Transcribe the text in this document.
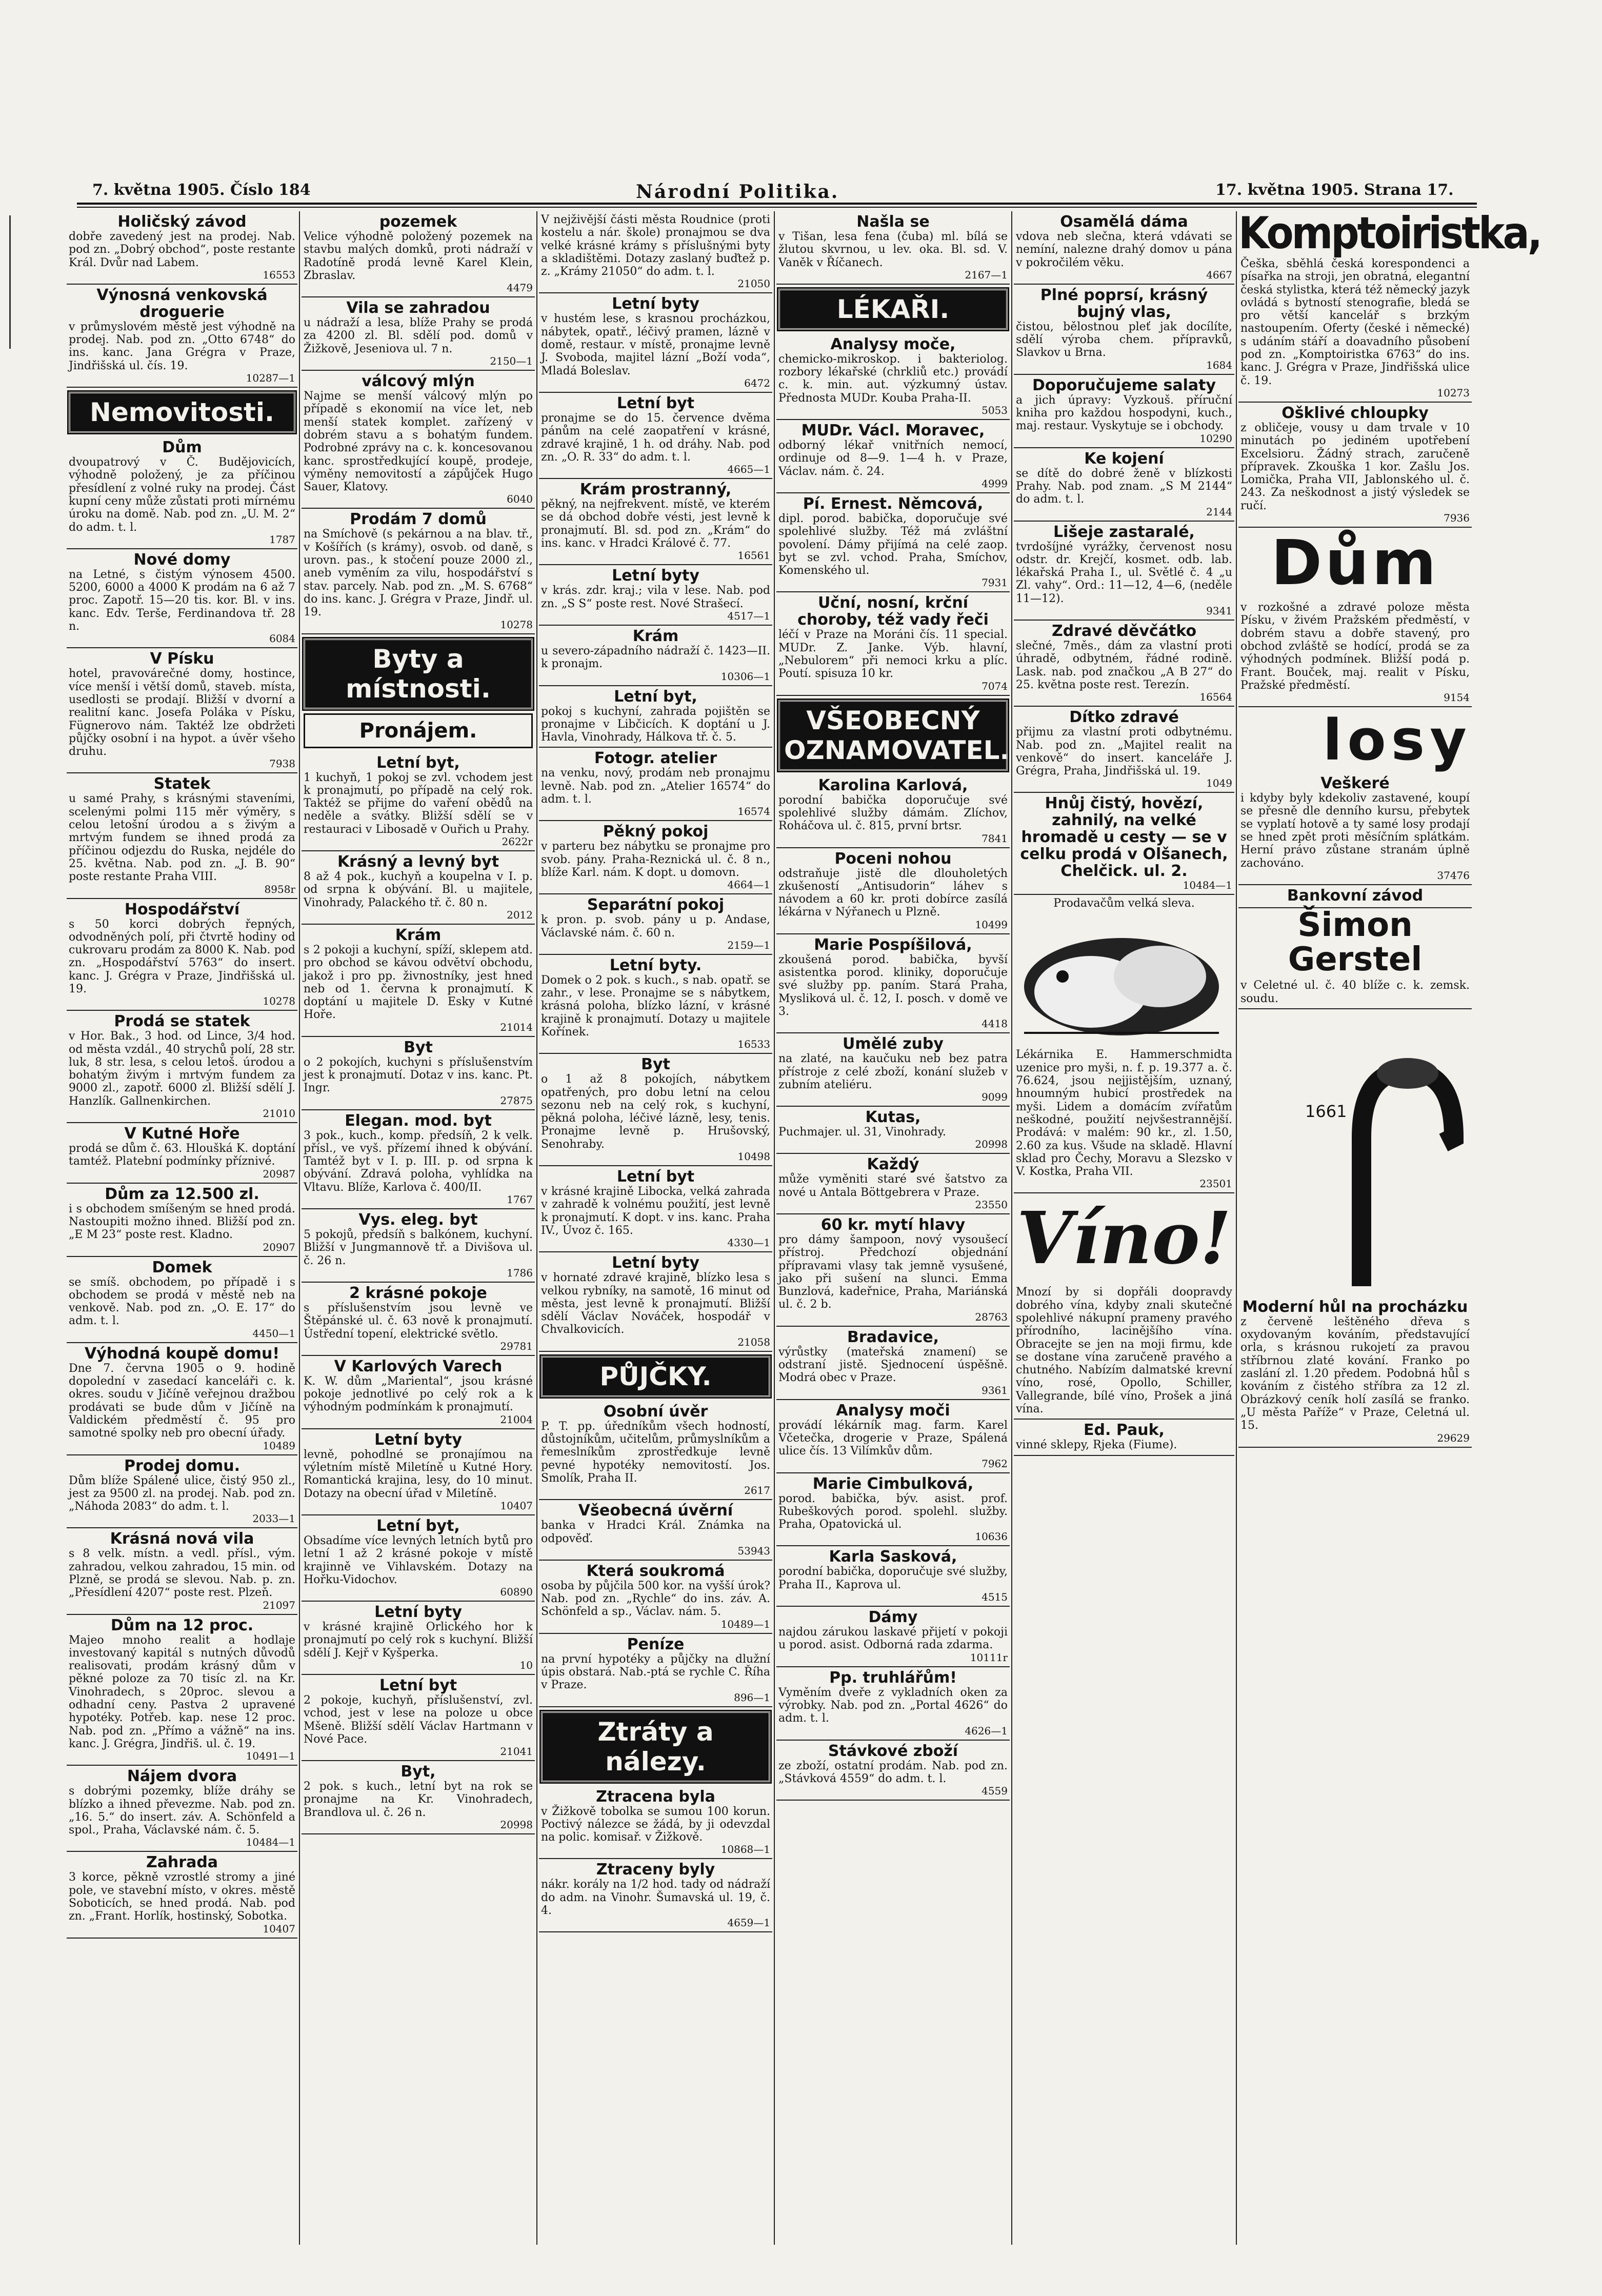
7. května 1905. Číslo 184	Národní Politika.	17. května 1905. Strana 17.
Holičský závod

dobře zavedený jest na prodej. Nab. pod zn. „Dobrý obchod“, poste restante Král. Dvůr nad Labem.

16553
Výnosná venkovská droguerie

v průmyslovém městě jest výhodně na prodej. Nab. pod zn. „Otto 6748“ do ins. kanc. Jana Grégra v Praze, Jindřišská ul. čís. 19.

10287—1
Nemovitosti.
Dům

dvoupatrový v Č. Budějovicích, výhodně položený, je za příčinou přesídlení z volné ruky na prodej. Část kupní ceny může zůstati proti mírnému úroku na domě. Nab. pod zn. „U. M. 2“ do adm. t. l.

1787
Nové domy

na Letné, s čistým výnosem 4500. 5200, 6000 a 4000 K prodám na 6 až 7 proc. Zapotř. 15—20 tis. kor. Bl. v ins. kanc. Edv. Terše, Ferdinandova tř. 28 n.

6084
V Písku

hotel, pravovárečné domy, hostince, více menší i větší domů, staveb. místa, usedlosti se prodají. Bližší v dvorní a realitní kanc. Josefa Poláka v Písku, Fügnerovo nám. Taktéž lze obdržeti půjčky osobní i na hypot. a úvěr všeho druhu.

7938
Statek

u samé Prahy, s krásnými staveními, scelenými polmi 115 měr výměry, s celou letošní úrodou a s živým a mrtvým fundem se ihned prodá za příčinou odjezdu do Ruska, nejdéle do 25. května. Nab. pod zn. „J. B. 90“ poste restante Praha VIII.

8958r
Hospodářství

s 50 korci dobrých řepných, odvodněných polí, při čtvrtě hodiny od cukrovaru prodám za 8000 K. Nab. pod zn. „Hospodářství 5763“ do insert. kanc. J. Grégra v Praze, Jindřišská ul. 19.

10278
Prodá se statek

v Hor. Bak., 3 hod. od Lince, 3/4 hod. od města vzdál., 40 strychů polí, 28 str. luk, 8 str. lesa, s celou letoš. úrodou a bohatým živým i mrtvým fundem za 9000 zl., zapotř. 6000 zl. Bližší sdělí J. Hanzlík. Gallnenkirchen.

21010
V Kutné Hoře

prodá se dům č. 63. Hloušká K. doptání tamtéž. Platební podmínky příznivé.

20987
Dům za 12.500 zl.

i s obchodem smíšeným se hned prodá. Nastoupiti možno ihned. Bližší pod zn. „E M 23“ poste rest. Kladno.

20907
Domek

se smíš. obchodem, po případě i s obchodem se prodá v městě neb na venkově. Nab. pod zn. „O. E. 17“ do adm. t. l.

4450—1
Výhodná koupě domu!

Dne 7. června 1905 o 9. hodině dopolední v zasedací kanceláři c. k. okres. soudu v Jičíně veřejnou dražbou prodávati se bude dům v Jičíně na Valdickém předměstí č. 95 pro samotné spolky neb pro obecní úřady.

10489
Prodej domu.

Dům blíže Spálené ulice, čistý 950 zl., jest za 9500 zl. na prodej. Nab. pod zn. „Náhoda 2083“ do adm. t. l.

2033—1
Krásná nová vila

s 8 velk. místn. a vedl. přísl., vým. zahradou, velkou zahradou, 15 min. od Plzně, se prodá se slevou. Nab. p. zn. „Přesídlení 4207“ poste rest. Plzeň.

21097
Dům na 12 proc.

Majeo mnoho realit a hodlaje investovaný kapitál s nutných důvodů realisovati, prodám krásný dům v pěkné poloze za 70 tisíc zl. na Kr. Vinohradech, s 20proc. slevou a odhadní ceny. Pastva 2 upravené hypotéky. Potřeb. kap. nese 12 proc. Nab. pod zn. „Přímo a vážně“ na ins. kanc. J. Grégra, Jindřiš. ul. č. 19.

10491—1
Nájem dvora

s dobrými pozemky, blíže dráhy se blízko a ihned převezme. Nab. pod zn. „16. 5.“ do insert. záv. A. Schönfeld a spol., Praha, Václavské nám. č. 5.

10484—1
Zahrada

3 korce, pěkně vzrostlé stromy a jiné pole, ve stavební místo, v okres. městě Soboticích, se hned prodá. Nab. pod zn. „Frant. Horlík, hostinský, Sobotka.

10407
pozemek

Velice výhodně položený pozemek na stavbu malých domků, proti nádraží v Radotíně prodá levně Karel Klein, Zbraslav.

4479
Vila se zahradou

u nádraží a lesa, blíže Prahy se prodá za 4200 zl. Bl. sdělí pod. domů v Žižkově, Jeseniova ul. 7 n.

2150—1
válcový mlýn

Najme se menší válcový mlýn po případě s ekonomií na více let, neb menší statek komplet. zařízený v dobrém stavu a s bohatým fundem. Podrobné zprávy na c. k. koncesovanou kanc. sprostředkující koupě, prodeje, výměny nemovitostí a zápůjček Hugo Sauer, Klatovy.

6040
Prodám 7 domů

na Smíchově (s pekárnou a na blav. tř., v Košířích (s krámy), osvob. od daně, s urovn. pas., k stočení pouze 2000 zl., aneb vyměním za vilu, hospodářství s stav. parcely. Nab. pod zn. „M. S. 6768“ do ins. kanc. J. Grégra v Praze, Jindř. ul. 19.

10278
Byty a místnosti.
Pronájem.
Letní byt,

1 kuchyň, 1 pokoj se zvl. vchodem jest k pronajmutí, po případě na celý rok. Taktéž se přijme do vaření obědů na neděle a svátky. Bližší sdělí se v restauraci v Libosadě v Ouřich u Prahy.

2622r
Krásný a levný byt

8 až 4 pok., kuchyň a koupelna v I. p. od srpna k obývání. Bl. u majitele, Vinohrady, Palackého tř. č. 80 n.

2012
Krám

s 2 pokoji a kuchyní, spíží, sklepem atd. pro obchod se kávou odvětví obchodu, jakož i pro pp. živnostníky, jest hned neb od 1. června k pronajmutí. K doptání u majitele D. Esky v Kutné Hoře.

21014
Byt

o 2 pokojích, kuchyni s příslušenstvím jest k pronajmutí. Dotaz v ins. kanc. Pt. Ingr.

27875
Elegan. mod. byt

3 pok., kuch., komp. předsíň, 2 k velk. přísl., ve vyš. přízemí ihned k obývání. Tamtéž byt v I. p. III. p. od srpna k obývání. Zdravá poloha, vyhlídka na Vltavu. Blíže, Karlova č. 400/II.

1767
Vys. eleg. byt

5 pokojů, předsíň s balkónem, kuchyní. Bližší v Jungmannově tř. a Divišova ul. č. 26 n.

1786
2 krásné pokoje

s příslušenstvím jsou levně ve Štěpánské ul. č. 63 nově k pronajmutí. Ústřední topení, elektrické světlo.

29781
V Karlových Varech

K. W. dům „Mariental“, jsou krásné pokoje jednotlivé po celý rok a k výhodným podmínkám k pronajmutí.

21004
Letní byty

levně, pohodlné se pronajímou na výletním místě Miletíně u Kutné Hory. Romantická krajina, lesy, do 10 minut. Dotazy na obecní úřad v Miletíně.

10407
Letní byt,

Obsadíme více levných letních bytů pro letní 1 až 2 krásné pokoje v místě krajinně ve Vihlavském. Dotazy na Hořku-Vidochov.

60890
Letní byty

v krásné krajině Orlického hor k pronajmutí po celý rok s kuchyní. Bližší sdělí J. Kejř v Kyšperka.

10
Letní byt

2 pokoje, kuchyň, příslušenství, zvl. vchod, jest v lese na poloze u obce Mšeně. Bližší sdělí Václav Hartmann v Nové Pace.

21041
Byt,

2 pok. s kuch., letní byt na rok se pronajme na Kr. Vinohradech, Brandlova ul. č. 26 n.

20998

V nejživější části města Roudnice (proti kostelu a nár. škole) pronajmou se dva velké krásné krámy s příslušnými byty a skladištěmi. Dotazy zaslaný buďtež p. z. „Krámy 21050“ do adm. t. l.

21050
Letní byty

v hustém lese, s krasnou procházkou, nábytek, opatř., léčivý pramen, lázně v domě, restaur. v místě, pronajme levně J. Svoboda, majitel lázní „Boží voda“, Mladá Boleslav.

6472
Letní byt

pronajme se do 15. července dvěma pánům na celé zaopatření v krásné, zdravé krajině, 1 h. od dráhy. Nab. pod zn. „O. R. 33“ do adm. t. l.

4665—1
Krám prostranný,

pěkný, na nejfrekvent. místě, ve kterém se dá obchod dobře vésti, jest levně k pronajmutí. Bl. sd. pod zn. „Krám“ do ins. kanc. v Hradci Králové č. 77.

16561
Letní byty

v krás. zdr. kraj.; vila v lese. Nab. pod zn. „S S“ poste rest. Nové Strašecí.

4517—1
Krám

u severo-západního nádraží č. 1423—II. k pronajm.

10306—1
Letní byt,

pokoj s kuchyní, zahrada pojištěn se pronajme v Libčicích. K doptání u J. Havla, Vinohrady, Hálkova tř. č. 5.

Fotogr. atelier

na venku, nový, prodám neb pronajmu levně. Nab. pod zn. „Atelier 16574“ do adm. t. l.

16574
Pěkný pokoj

v parteru bez nábytku se pronajme pro svob. pány. Praha-Reznická ul. č. 8 n., blíže Karl. nám. K dopt. u domovn.

4664—1
Separátní pokoj

k pron. p. svob. pány u p. Andase, Václavské nám. č. 60 n.

2159—1
Letní byty.

Domek o 2 pok. s kuch., s nab. opatř. se zahr., v lese. Pronajme se s nábytkem, krásná poloha, blízko lázní, v krásné krajině k pronajmutí. Dotazy u majitele Kořínek.

16533
Byt

o 1 až 8 pokojích, nábytkem opatřených, pro dobu letní na celou sezonu neb na celý rok, s kuchyní, pěkná poloha, léčivé lázně, lesy, tenis. Pronajme levně p. Hrušovský, Senohraby.

10498
Letní byt

v krásné krajině Libocka, velká zahrada v zahradě k volnému použití, jest levně k pronajmutí. K dopt. v ins. kanc. Praha IV., Úvoz č. 165.

4330—1
Letní byty

v hornaté zdravé krajině, blízko lesa s velkou rybníky, na samotě, 16 minut od města, jest levně k pronajmutí. Bližší sdělí Václav Nováček, hospodář v Chvalkovicích.

21058
PŮJČKY.
Osobní úvěr

P. T. pp. úředníkům všech hodností, důstojníkům, učitelům, průmyslníkům a řemeslníkům zprostředkuje levně pevné hypotéky nemovitostí. Jos. Smolík, Praha II.

2617
Všeobecná úvěrní

banka v Hradci Král. Známka na odpověď.

53943
Která soukromá

osoba by půjčila 500 kor. na vyšší úrok? Nab. pod zn. „Rychle“ do ins. záv. A. Schönfeld a sp., Václav. nám. 5.

10489—1
Peníze

na první hypotéky a půjčky na dlužní úpis obstará. Nab.-ptá se rychle C. Říha v Praze.

896—1
Ztráty a nálezy.
Ztracena byla

v Žižkově tobolka se sumou 100 korun. Poctivý nálezce se žádá, by ji odevzdal na polic. komisař. v Žižkově.

10868—1
Ztraceny byly

nákr. korály na 1/2 hod. tady od nádraží do adm. na Vinohr. Šumavská ul. 19, č. 4.

4659—1
Našla se

v Tišan, lesa fena (čuba) ml. bílá se žlutou skvrnou, u lev. oka. Bl. sd. V. Vaněk v Říčanech.

2167—1
LÉKAŘI.
Analysy moče,

chemicko-mikroskop. i bakteriolog. rozbory lékařské (chrkliů etc.) provádí c. k. min. aut. výzkumný ústav. Přednosta MUDr. Kouba Praha-II.

5053
MUDr. Václ. Moravec,

odborný lékař vnitřních nemocí, ordinuje od 8—9. 1—4 h. v Praze, Václav. nám. č. 24.

4999
Pí. Ernest. Němcová,

dipl. porod. babička, doporučuje své spolehlivé služby. Též má zvláštní povolení. Dámy přijímá na celé zaop. byt se zvl. vchod. Praha, Smíchov, Komenského ul.

7931
Uční, nosní, krční choroby, též vady řeči

léčí v Praze na Moráni čís. 11 special. MUDr. Z. Janke. Výb. hlavní, „Nebulorem“ při nemoci krku a plíc. Poutí. spisuza 10 kr.

7074
VŠEOBECNÝ OZNAMOVATEL.
Karolina Karlová,

porodní babička doporučuje své spolehlivé služby dámám. Zlíchov, Roháčova ul. č. 815, první brtsr.

7841
Poceni nohou

odstraňuje jistě dle dlouholetých zkušeností „Antisudorin“ láhev s návodem a 60 kr. proti dobírce zasílá lékárna v Nýřanech u Plzně.

10499
Marie Pospíšilová,

zkoušená porod. babička, byvší asistentka porod. kliniky, doporučuje své služby pp. paním. Stará Praha, Mysliková ul. č. 12, I. posch. v domě ve 3.

4418
Umělé zuby

na zlaté, na kaučuku neb bez patra přístroje z celé zboží, konání služeb v zubním ateliéru.

9099
Kutas,

Puchmajer. ul. 31, Vinohrady.

20998
Každý

může vyměniti staré své šatstvo za nové u Antala Böttgebrera v Praze.

23550
60 kr. mytí hlavy

pro dámy šampoon, nový vysoušecí přístroj. Předchozí objednání přípravami vlasy tak jemně vysušené, jako při sušení na slunci. Emma Bunzlová, kadeřnice, Praha, Mariánská ul. č. 2 b.

28763
Bradavice,

výrůstky (mateřská znamení) se odstraní jistě. Sjednocení úspěšně. Modrá obec v Praze.

9361
Analysy moči

provádí lékárník mag. farm. Karel Včetečka, drogerie v Praze, Spálená ulice čís. 13 Vilímkův dům.

7962
Marie Cimbulková,

porod. babička, býv. asist. prof. Rubeškových porod. spolehl. služby. Praha, Opatovická ul.

10636
Karla Sasková,

porodní babička, doporučuje své služby, Praha II., Kaprova ul.

4515
Dámy

najdou zárukou laskavé přijetí v pokoji u porod. asist. Odborná rada zdarma.

10111r
Pp. truhlářům!

Vyměním dveře z vykladních oken za výrobky. Nab. pod zn. „Portal 4626“ do adm. t. l.

4626—1
Stávkové zboží

ze zboží, ostatní prodám. Nab. pod zn. „Stávková 4559“ do adm. t. l.

4559
Osamělá dáma

vdova neb slečna, která vdávati se nemíní, nalezne drahý domov u pána v pokročilém věku.

4667
Plné poprsí, krásný bujný vlas,

čistou, bělostnou pleť jak docílíte, sdělí výroba chem. přípravků, Slavkov u Brna.

1684
Doporučujeme salaty

a jich úpravy: Vyzkouš. příruční kniha pro každou hospodyni, kuch., maj. restaur. Vyskytuje se i obchody.

10290
Ke kojení

se dítě do dobré ženě v blízkosti Prahy. Nab. pod znam. „S M 2144“ do adm. t. l.

2144
Lišeje zastaralé,

tvrdošíjné vyrážky, červenost nosu odstr. dr. Krejčí, kosmet. odb. lab. lékařská Praha I., ul. Světlé č. 4 „u Zl. vahy“. Ord.: 11—12, 4—6, (neděle 11—12).

9341
Zdravé děvčátko

slečné, 7měs., dám za vlastní proti úhradě, odbytném, řádné rodině. Lask. nab. pod značkou „A B 27“ do 25. května poste rest. Terezín.

16564
Dítko zdravé

přijmu za vlastní proti odbytnému. Nab. pod zn. „Majitel realit na venkově“ do insert. kanceláře J. Grégra, Praha, Jindřišská ul. 19.

1049
Hnůj čistý, hovězí, zahnilý, na velké hromadě u cesty — se v celku prodá v Olšanech, Chelčick. ul. 2.
10484—1
Prodavačům velká sleva.

Lékárnika E. Hammerschmidta uzenice pro myši, n. f. p. 19.377 a. č. 76.624, jsou nejjistějším, uznaný, hnoumným hubicí prostředek na myši. Lidem a domácím zvířatům neškodné, použití nejvšestrannější. Prodává: v malém: 90 kr., zl. 1.50, 2.60 za kus. Všude na skladě. Hlavní sklad pro Čechy, Moravu a Slezsko v V. Kostka, Praha VII.

23501
Víno!

Mnozí by si dopřáli doopravdy dobrého vína, kdyby znali skutečné spolehlivé nákupní prameny pravého přírodního, lacinějšího vína. Obracejte se jen na moji firmu, kde se dostane vína zaručeně pravého a chutného. Nabízím dalmatské krevní víno, rosé, Opollo, Schiller, Vallegrande, bílé víno, Prošek a jiná vína.

Ed. Pauk,

vinné sklepy, Rjeka (Fiume).

Komptoiristka,

Češka, sběhlá česká korespondenci a písařka na stroji, jen obratná, elegantní česká stylistka, která též německý jazyk ovládá s bytností stenografie, bledá se pro větší kancelář s brzkým nastoupením. Oferty (české i německé) s udáním stáří a doavadního působení pod zn. „Komptoiristka 6763“ do ins. kanc. J. Grégra v Praze, Jindřišská ulice č. 19.

10273
Ošklivé chloupky

z obličeje, vousy u dam trvale v 10 minutách po jediném upotřebení Excelsioru. Žádný strach, zaručeně přípravek. Zkouška 1 kor. Zašlu Jos. Lomička, Praha VII, Jablonského ul. č. 243. Za neškodnost a jistý výsledek se ručí.

7936
Dům

v rozkošné a zdravé poloze města Písku, v živém Pražském předměstí, v dobrém stavu a dobře stavený, pro obchod zvláště se hodící, prodá se za výhodných podmínek. Bližší podá p. Frant. Bouček, maj. realit v Písku, Pražské předměstí.

9154
losy
Veškeré

i kdyby byly kdekoliv zastavené, koupí se přesně dle denního kursu, přebytek se vyplatí hotově a ty samé losy prodají se hned zpět proti měsíčním splátkám. Herní právo zůstane stranám úplně zachováno.

37476
Bankovní závod
Šimon Gerstel

v Celetné ul. č. 40 blíže c. k. zemsk. soudu.

1661
Moderní hůl na procházku

z červeně leštěného dřeva s oxydovaným kováním, představující orla, s krásnou rukojetí za pravou stříbrnou zlaté kování. Franko po zaslání zl. 1.20 předem. Podobná hůl s kováním z čistého stříbra za 12 zl. Obrázkový ceník holí zasílá se franko. „U města Paříže“ v Praze, Celetná ul. 15.

29629
